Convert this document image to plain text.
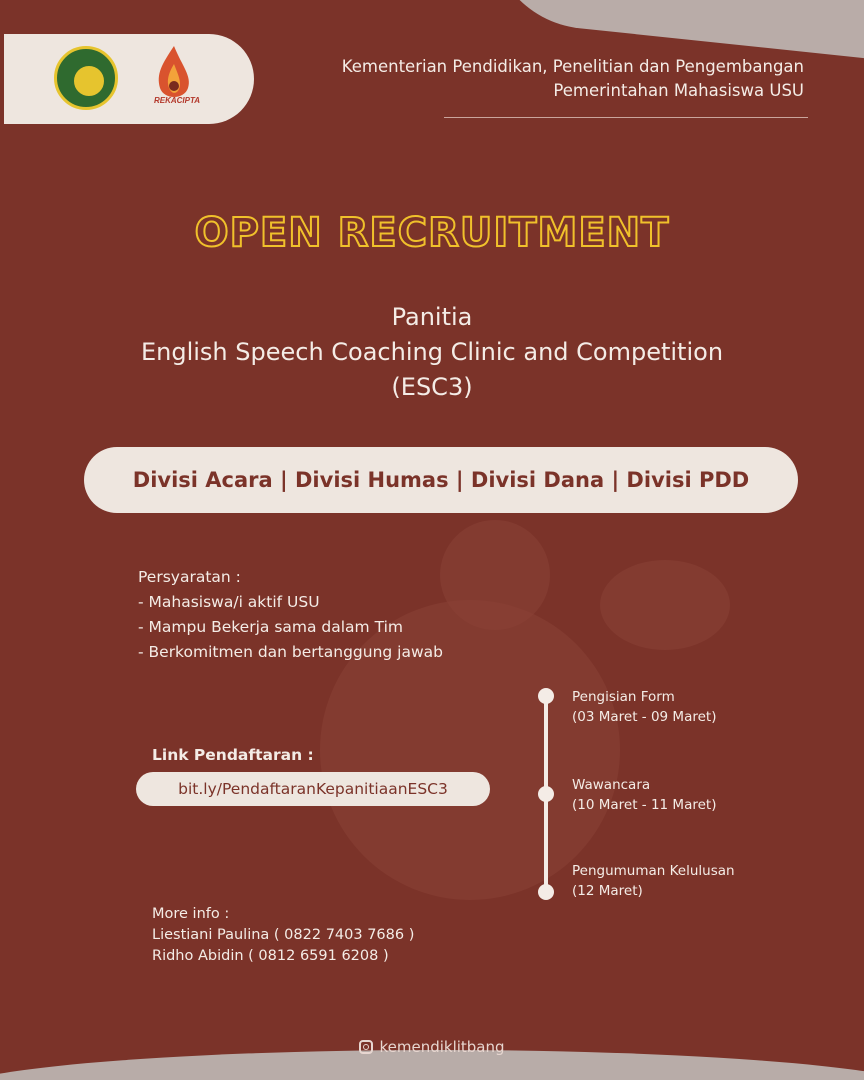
REKACIPTA
Kementerian Pendidikan, Penelitian dan Pengembangan
Pemerintahan Mahasiswa USU
OPEN RECRUITMENT
Panitia
English Speech Coaching Clinic and Competition
(ESC3)
Divisi Acara | Divisi Humas | Divisi Dana | Divisi PDD
Persyaratan :
- Mahasiswa/i aktif USU
- Mampu Bekerja sama dalam Tim
- Berkomitmen dan bertanggung jawab
Link Pendaftaran :
bit.ly/PendaftaranKepanitiaanESC3
Pengisian Form
(03 Maret - 09 Maret)
Wawancara
(10 Maret - 11 Maret)
Pengumuman Kelulusan
(12 Maret)
More info :
Liestiani Paulina ( 0822 7403 7686 )
Ridho Abidin ( 0812 6591 6208 )
kemendiklitbang
